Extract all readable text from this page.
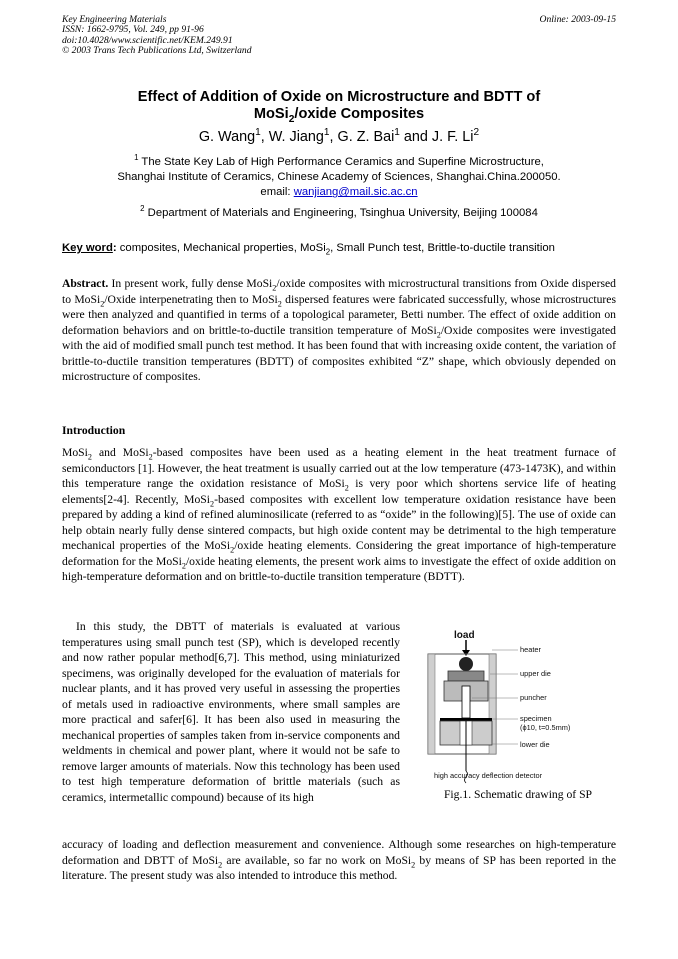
Key Engineering Materials
ISSN: 1662-9795, Vol. 249, pp 91-96
doi:10.4028/www.scientific.net/KEM.249.91
© 2003 Trans Tech Publications Ltd, Switzerland
Online: 2003-09-15
Effect of Addition of Oxide on Microstructure and BDTT of
MoSi$_2$/oxide Composites
G. Wang$^1$, W. Jiang$^1$, G. Z. Bai$^1$ and J. F. Li$^2$
$^1$ The State Key Lab of High Performance Ceramics and Superfine Microstructure,
Shanghai Institute of Ceramics, Chinese Academy of Sciences, Shanghai.China.200050.
email: wanjiang@mail.sic.ac.cn
$^2$ Department of Materials and Engineering, Tsinghua University, Beijing 100084
Key word: composites, Mechanical properties, MoSi$_2$, Small Punch test, Brittle-to-ductile transition
Abstract. In present work, fully dense MoSi$_2$/oxide composites with microstructural transitions from Oxide dispersed to MoSi$_2$/Oxide interpenetrating then to MoSi$_2$ dispersed features were fabricated successfully, whose microstructures were then analyzed and quantified in terms of a topological parameter, Betti number. The effect of oxide addition on deformation behaviors and on brittle-to-ductile transition temperature of MoSi$_2$/Oxide composites were investigated with the aid of modified small punch test method. It has been found that with increasing oxide content, the variation of brittle-to-ductile transition temperatures (BDTT) of composites exhibited “Z” shape, which obviously depended on microstructure of composites.
Introduction
MoSi$_2$ and MoSi$_2$-based composites have been used as a heating element in the heat treatment furnace of semiconductors [1]. However, the heat treatment is usually carried out at the low temperature (473-1473K), and within this temperature range the oxidation resistance of MoSi$_2$ is very poor which shortens service life of heating elements[2-4]. Recently, MoSi$_2$-based composites with excellent low temperature oxidation resistance have been prepared by adding a kind of refined aluminosilicate (referred to as “oxide” in the following)[5]. The use of oxide can help obtain nearly fully dense sintered compacts, but high oxide content may be detrimental to the high temperature mechanical properties of the MoSi$_2$/oxide heating elements. Considering the great importance of high-temperature deformation for the MoSi$_2$/oxide heating elements, the present work aims to investigate the effect of oxide addition on high-temperature deformation and on brittle-to-ductile transition temperature (BDTT).
In this study, the DBTT of materials is evaluated at various temperatures using small punch test (SP), which is developed recently and now rather popular method[6,7]. This method, using miniaturized specimens, was originally developed for the evaluation of materials for nuclear plants, and it has proved very useful in assessing the properties of metals used in radioactive environments, where small samples are more practical and safer[6]. It has been also used in measuring the mechanical properties of samples taken from in-service components and weldments in chemical and power plant, where it would not be safe to remove larger amounts of materials. Now this technology has been used to test high temperature deformation of brittle materials (such as ceramics, intermetallic compound) because of its high
accuracy of loading and deflection measurement and convenience. Although some researches on high-temperature deformation and DBTT of MoSi$_2$ are available, so far no work on MoSi$_2$ by means of SP has been reported in the literature. The present study was also intended to introduce this method.
load
heater
upper die
puncher
specimen
(ϕ10, t=0.5mm)
lower die
high accuracy deflection detector
Fig.1. Schematic drawing of SP
